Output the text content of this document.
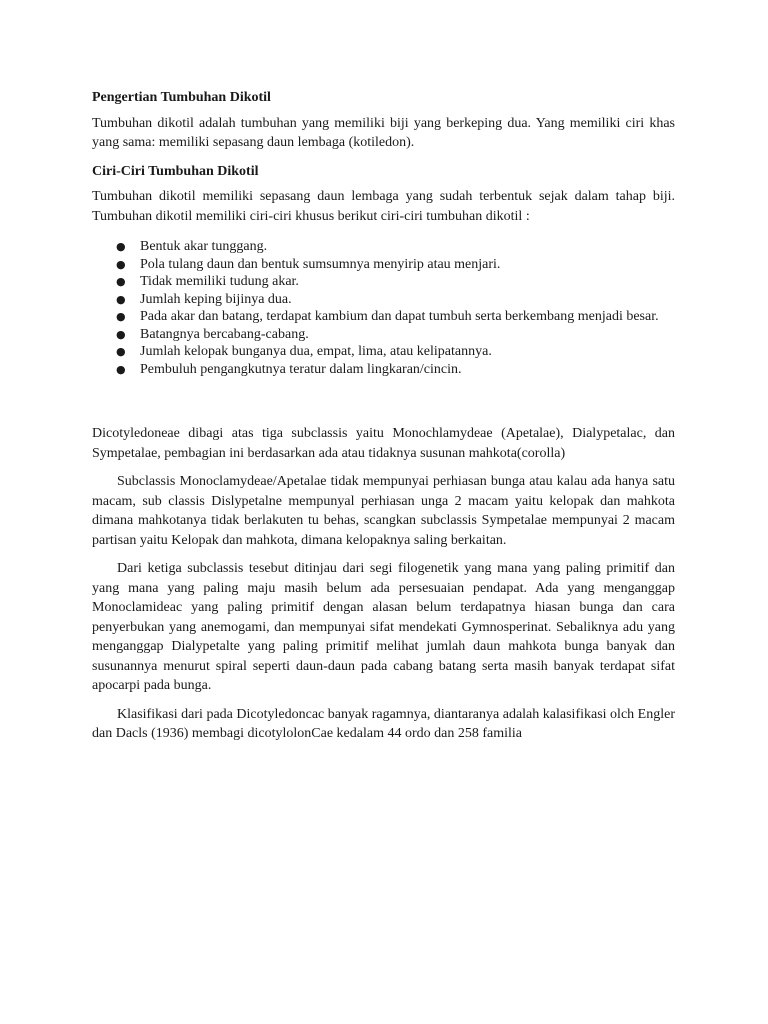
Pengertian Tumbuhan Dikotil

Tumbuhan dikotil adalah tumbuhan yang memiliki biji yang berkeping dua. Yang memiliki ciri khas yang sama: memiliki sepasang daun lembaga (kotiledon).

Ciri-Ciri Tumbuhan Dikotil

Tumbuhan dikotil memiliki sepasang daun lembaga yang sudah terbentuk sejak dalam tahap biji. Tumbuhan dikotil memiliki ciri-ciri khusus berikut ciri-ciri tumbuhan dikotil :

● Bentuk akar tunggang.
● Pola tulang daun dan bentuk sumsumnya menyirip atau menjari.
● Tidak memiliki tudung akar.
● Jumlah keping bijinya dua.
● Pada akar dan batang, terdapat kambium dan dapat tumbuh serta berkembang menjadi besar.
● Batangnya bercabang-cabang.
● Jumlah kelopak bunganya dua, empat, lima, atau kelipatannya.
● Pembuluh pengangkutnya teratur dalam lingkaran/cincin.

Dicotyledoneae dibagi atas tiga subclassis yaitu Monochlamydeae (Apetalae), Dialypetalac, dan Sympetalae, pembagian ini berdasarkan ada atau tidaknya susunan mahkota(corolla)

Subclassis Monoclamydeae/Apetalae tidak mempunyai perhiasan bunga atau kalau ada hanya satu macam, sub classis Dislypetalne mempunyal perhiasan unga 2 macam yaitu kelopak dan mahkota dimana mahkotanya tidak berlakuten tu behas, scangkan subclassis Sympetalae mempunyai 2 macam partisan yaitu Kelopak dan mahkota, dimana kelopaknya saling berkaitan.

Dari ketiga subclassis tesebut ditinjau dari segi filogenetik yang mana yang paling primitif dan yang mana yang paling maju masih belum ada persesuaian pendapat. Ada yang menganggap Monoclamideac yang paling primitif dengan alasan belum terdapatnya hiasan bunga dan cara penyerbukan yang anemogami, dan mempunyai sifat mendekati Gymnosperinat. Sebaliknya adu yang menganggap Dialypetalte yang paling primitif melihat jumlah daun mahkota bunga banyak dan susunannya menurut spiral seperti daun-daun pada cabang batang serta masih banyak terdapat sifat apocarpi pada bunga.

Klasifikasi dari pada Dicotyledoncac banyak ragamnya, diantaranya adalah kalasifikasi olch Engler dan Dacls (1936) membagi dicotylolonCae kedalam 44 ordo dan 258 familia
